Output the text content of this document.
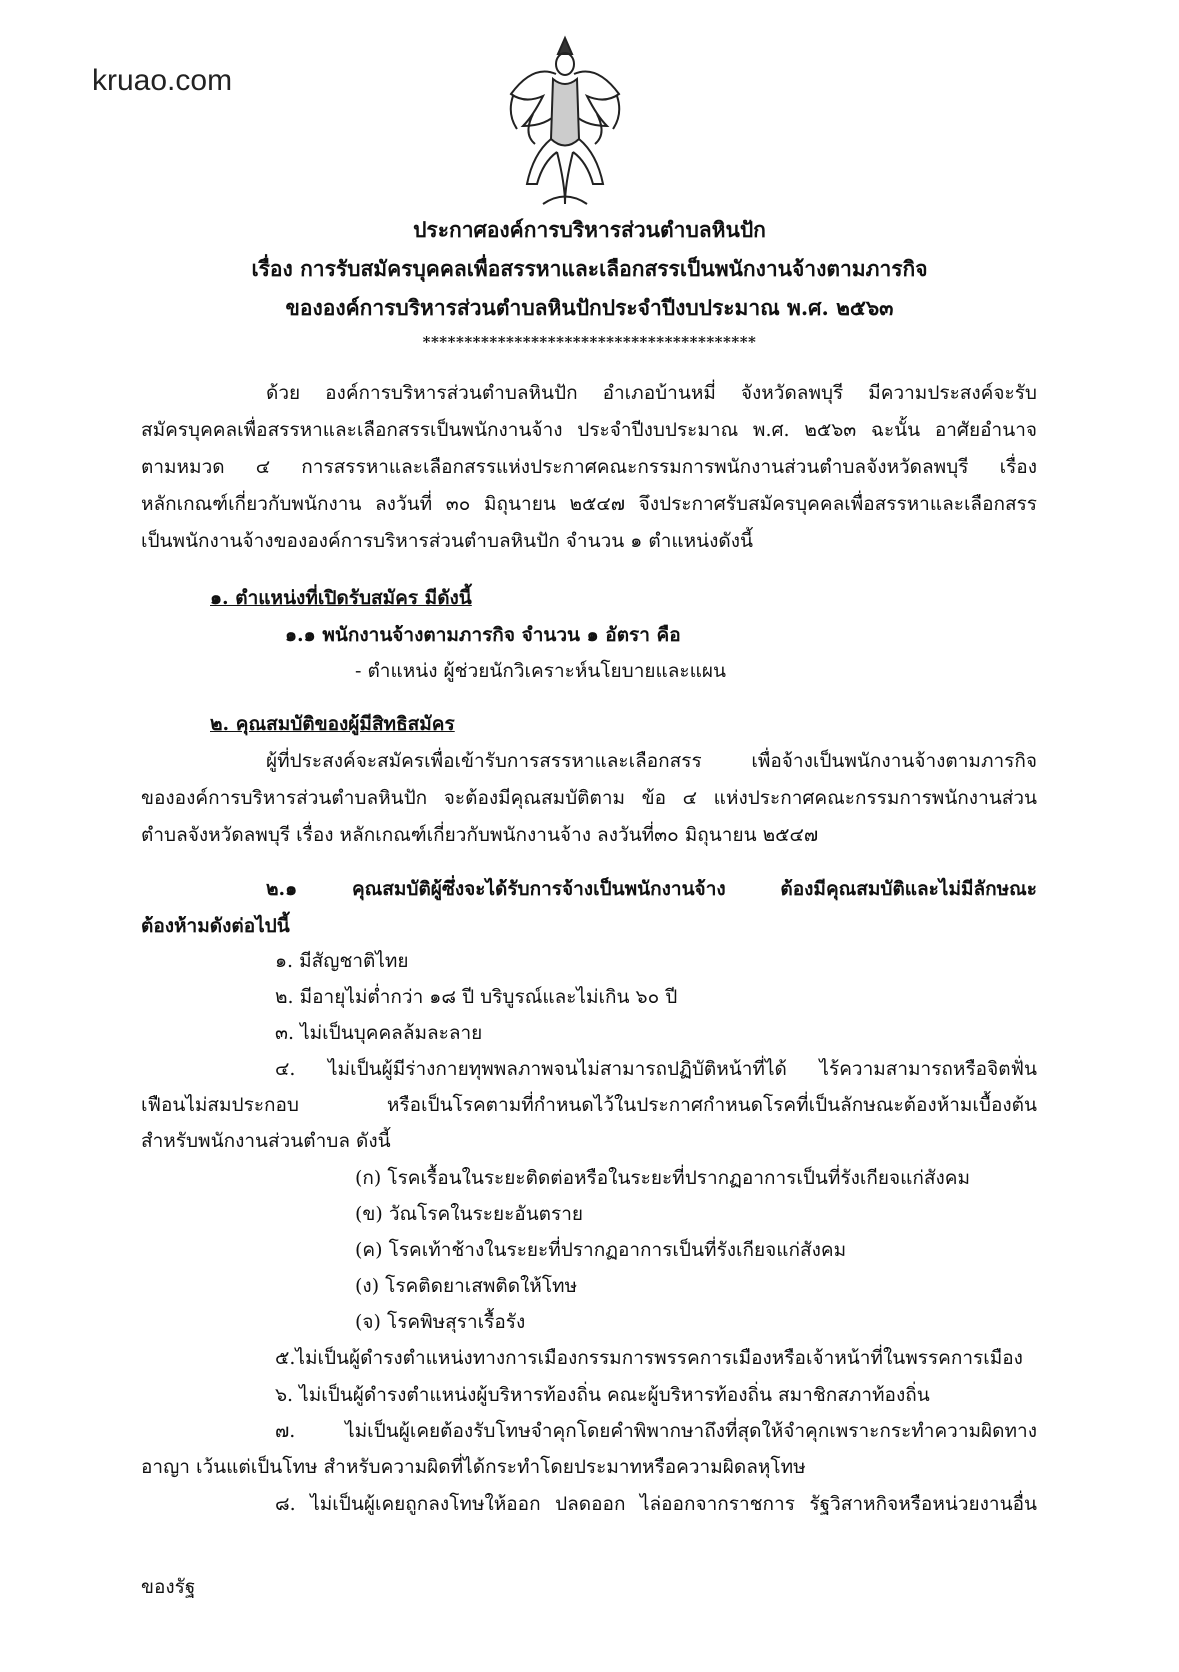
kruao.com
ประกาศองค์การบริหารส่วนตำบลหินปัก
เรื่อง การรับสมัครบุคคลเพื่อสรรหาและเลือกสรรเป็นพนักงานจ้างตามภารกิจ
ขององค์การบริหารส่วนตำบลหินปักประจำปีงบประมาณ พ.ศ. ๒๕๖๓
****************************************
ด้วย องค์การบริหารส่วนตำบลหินปัก อำเภอบ้านหมี่ จังหวัดลพบุรี มีความประสงค์จะรับ
สมัครบุคคลเพื่อสรรหาและเลือกสรรเป็นพนักงานจ้าง ประจำปีงบประมาณ พ.ศ. ๒๕๖๓ ฉะนั้น อาศัยอำนาจ
ตามหมวด ๔ การสรรหาและเลือกสรรแห่งประกาศคณะกรรมการพนักงานส่วนตำบลจังหวัดลพบุรี เรื่อง
หลักเกณฑ์เกี่ยวกับพนักงาน ลงวันที่ ๓๐ มิถุนายน ๒๕๔๗ จึงประกาศรับสมัครบุคคลเพื่อสรรหาและเลือกสรร
เป็นพนักงานจ้างขององค์การบริหารส่วนตำบลหินปัก จำนวน ๑ ตำแหน่งดังนี้
๑. ตำแหน่งที่เปิดรับสมัคร มีดังนี้
๑.๑ พนักงานจ้างตามภารกิจ จำนวน ๑ อัตรา คือ
- ตำแหน่ง ผู้ช่วยนักวิเคราะห์นโยบายและแผน
๒. คุณสมบัติของผู้มีสิทธิสมัคร
ผู้ที่ประสงค์จะสมัครเพื่อเข้ารับการสรรหาและเลือกสรร เพื่อจ้างเป็นพนักงานจ้างตามภารกิจ
ขององค์การบริหารส่วนตำบลหินปัก จะต้องมีคุณสมบัติตาม ข้อ ๔ แห่งประกาศคณะกรรมการพนักงานส่วน
ตำบลจังหวัดลพบุรี เรื่อง หลักเกณฑ์เกี่ยวกับพนักงานจ้าง ลงวันที่๓๐ มิถุนายน ๒๕๔๗
๒.๑ คุณสมบัติผู้ซึ่งจะได้รับการจ้างเป็นพนักงานจ้าง ต้องมีคุณสมบัติและไม่มีลักษณะ
ต้องห้ามดังต่อไปนี้
๑. มีสัญชาติไทย
๒. มีอายุไม่ต่ำกว่า ๑๘ ปี บริบูรณ์และไม่เกิน ๖๐ ปี
๓. ไม่เป็นบุคคลล้มละลาย
๔. ไม่เป็นผู้มีร่างกายทุพพลภาพจนไม่สามารถปฏิบัติหน้าที่ได้ ไร้ความสามารถหรือจิตฟั่น
เฟือนไม่สมประกอบ หรือเป็นโรคตามที่กำหนดไว้ในประกาศกำหนดโรคที่เป็นลักษณะต้องห้ามเบื้องต้น
สำหรับพนักงานส่วนตำบล ดังนี้
(ก) โรคเรื้อนในระยะติดต่อหรือในระยะที่ปรากฏอาการเป็นที่รังเกียจแก่สังคม
(ข) วัณโรคในระยะอันตราย
(ค) โรคเท้าช้างในระยะที่ปรากฏอาการเป็นที่รังเกียจแก่สังคม
(ง) โรคติดยาเสพติดให้โทษ
(จ) โรคพิษสุราเรื้อรัง
๕.ไม่เป็นผู้ดำรงตำแหน่งทางการเมืองกรรมการพรรคการเมืองหรือเจ้าหน้าที่ในพรรคการเมือง
๖. ไม่เป็นผู้ดำรงตำแหน่งผู้บริหารท้องถิ่น คณะผู้บริหารท้องถิ่น สมาชิกสภาท้องถิ่น
๗. ไม่เป็นผู้เคยต้องรับโทษจำคุกโดยคำพิพากษาถึงที่สุดให้จำคุกเพราะกระทำความผิดทาง
อาญา เว้นแต่เป็นโทษ สำหรับความผิดที่ได้กระทำโดยประมาทหรือความผิดลหุโทษ
๘. ไม่เป็นผู้เคยถูกลงโทษให้ออก ปลดออก ไล่ออกจากราชการ รัฐวิสาหกิจหรือหน่วยงานอื่น
ของรัฐ
